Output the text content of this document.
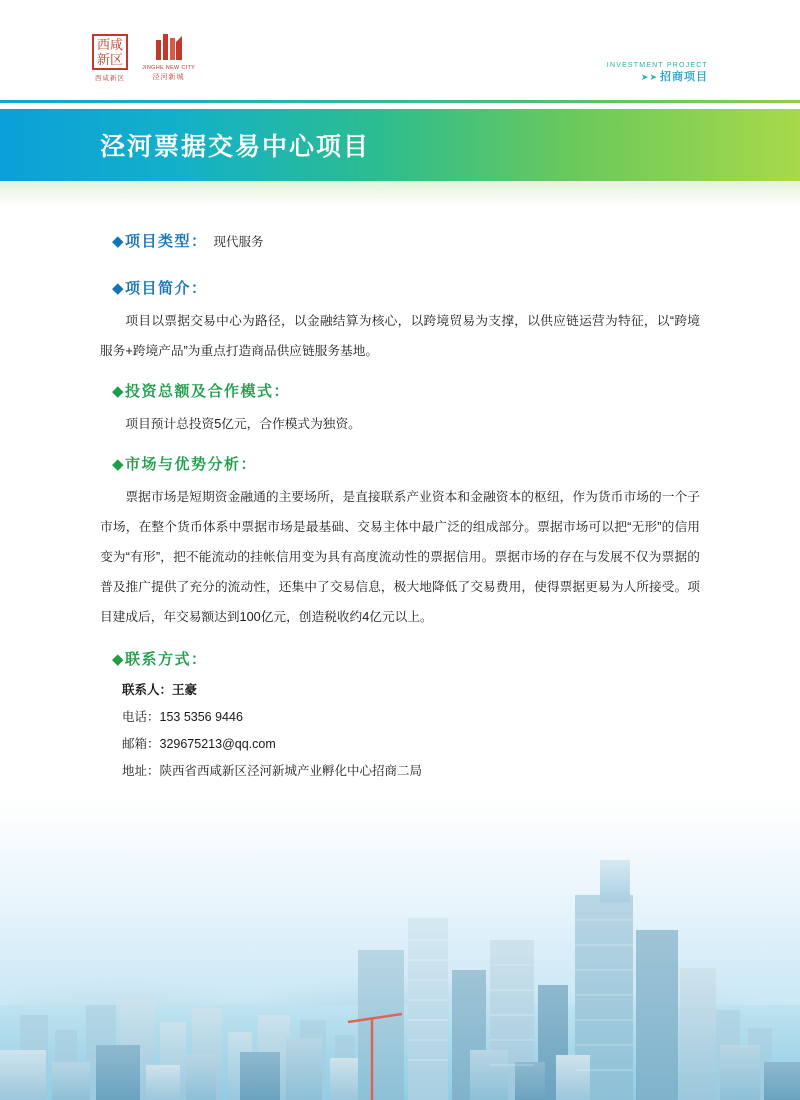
西咸
新区
西咸新区
JINGHE NEW CITY
泾河新城
INVESTMENT PROJECT
➤➤ 招商项目
泾河票据交易中心项目
◆项目类型： 现代服务
◆项目简介：

项目以票据交易中心为路径，以金融结算为核心，以跨境贸易为支撑，以供应链运营为特征，以“跨境服务+跨境产品”为重点打造商品供应链服务基地。

◆投资总额及合作模式：

项目预计总投资5亿元，合作模式为独资。

◆市场与优势分析：

票据市场是短期资金融通的主要场所，是直接联系产业资本和金融资本的枢纽，作为货币市场的一个子市场，在整个货币体系中票据市场是最基础、交易主体中最广泛的组成部分。票据市场可以把“无形”的信用变为“有形”，把不能流动的挂帐信用变为具有高度流动性的票据信用。票据市场的存在与发展不仅为票据的普及推广提供了充分的流动性，还集中了交易信息，极大地降低了交易费用，使得票据更易为人所接受。项目建成后，年交易额达到100亿元，创造税收约4亿元以上。

◆联系方式：
联系人：王豪
电话：153 5356 9446
邮箱：329675213@qq.com
地址：陕西省西咸新区泾河新城产业孵化中心招商二局
